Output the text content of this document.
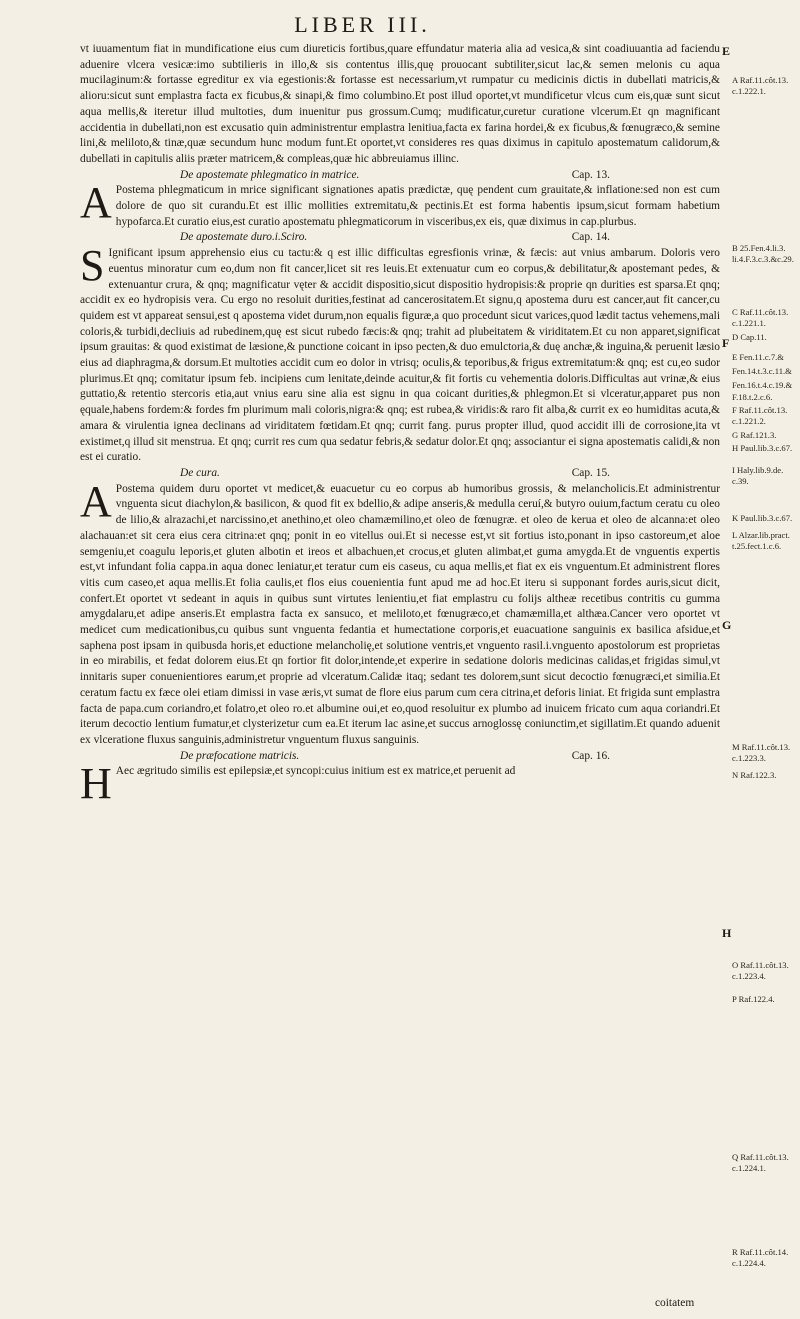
LIBER III.

vt iuuamentum fiat in mundificatione eius cum diureticis fortibus,quare effundatur materia alia ad vesica,& sint coadiuuantia ad faciendu aduenire vlcera vesicæ:imo subtilieris in illo,& sis contentus illis,quę prouocant subtiliter,sicut lac,& semen melonis cu aqua mucilaginum:& fortasse egreditur ex via egestionis:& fortasse est necessarium,vt rumpatur cu medicinis dictis in dubellati matricis,& alioru:sicut sunt emplastra facta ex ficubus,& sinapi,& fimo columbino.Et post illud oportet,vt mundificetur vlcus cum eis,quæ sunt sicut aqua mellis,& iteretur illud multoties, dum inuenitur pus grossum.Cumq; mudificatur,curetur curatione vlcerum.Et qn magnificant accidentia in dubellati,non est excusatio quin administrentur emplastra lenitiua,facta ex farina hordei,& ex ficubus,& fœnugræco,& semine lini,& meliloto,& tinæ,quæ secundum hunc modum funt.Et oportet,vt consideres res quas diximus in capitulo apostematum calidorum,& dubellati in capitulis aliis præter matricem,& compleas,quæ hic abbreuiamus illinc.

De apostemate phlegmatico in matrice.	Cap. 13.

A Postema phlegmaticum in mrice significant signationes apatis prædictæ, quę pendent cum grauitate,& inflatione:sed non est cum dolore de quo sit curandu.Et est illic mollities extremitatu,& pectinis.Et est forma habentis ipsum,sicut formam habetium hypofarca.Et curatio eius,est curatio apostematu phlegmaticorum in visceribus,ex eis, quæ diximus in cap.plurbus.

De apostemate duro.i.Sciro.	Cap. 14.

S Ignificant ipsum apprehensio eius cu tactu:& q est illic difficultas egresfionis vrinæ, & fæcis: aut vnius ambarum. Doloris vero euentus minoratur cum eo,dum non fit cancer,licet sit res leuis.Et extenuatur cum eo corpus,& debilitatur,& apostemant pedes, & extenuantur crura, & qnq; magnificatur vęter & accidit dispositio,sicut dispositio hydropisis:& proprie qn durities est sparsa.Et qnq; accidit ex eo hydropisis vera. Cu ergo no resoluit durities,festinat ad cancerositatem.Et signu,q apostema duru est cancer,aut fit cancer,cu quidem est vt appareat sensui,est q apostema videt durum,non equalis figuræ,a quo procedunt sicut varices,quod lædit tactus vehemens,mali coloris,& turbidi,decliuis ad rubedinem,quę est sicut rubedo fæcis:& qnq; trahit ad plubeitatem & viriditatem.Et cu non apparet,significat ipsum grauitas: & quod existimat de læsione,& punctione coicant in ipso pecten,& duo emulctoria,& duę anchæ,& inguina,& peruenit læsio eius ad diaphragma,& dorsum.Et multoties accidit cum eo dolor in vtrisq; oculis,& teporibus,& frigus extremitatum:& qnq; est cu,eo sudor plurimus.Et qnq; comitatur ipsum feb. incipiens cum lenitate,deinde acuitur,& fit fortis cu vehementia doloris.Difficultas aut vrinæ,& eius guttatio,& retentio stercoris etia,aut vnius earu sine alia est signu in qua coicant durities,& phlegmon.Et si vlceratur,apparet pus non ęquale,habens fordem:& fordes fm plurimum mali coloris,nigra:& qnq; est rubea,& viridis:& raro fit alba,& currit ex eo humiditas acuta,& amara & virulentia ignea declinans ad viriditatem fœtidam.Et qnq; currit fang. purus propter illud, quod accidit illi de corrosione,ita vt existimet,q illud sit menstrua. Et qnq; currit res cum qua sedatur febris,& sedatur dolor.Et qnq; associantur ei signa apostematis calidi,& non est ei curatio.

De cura.	Cap. 15.

A Postema quidem duru oportet vt medicet,& euacuetur cu eo corpus ab humoribus grossis, & melancholicis.Et administrentur vnguenta sicut diachylon,& basilicon, & quod fit ex bdellio,& adipe anseris,& medulla ceruí,& butyro ouium,factum ceratu cu oleo de lilio,& alrazachi,et narcissino,et anethino,et oleo chamæmilino,et oleo de fœnugræ. et oleo de kerua et oleo de alcanna:et oleo alachauan:et sit cera eius cera citrina:et qnq; ponit in eo vitellus oui.Et si necesse est,vt sit fortius isto,ponant in ipso castoreum,et aloe semgeniu,et coagulu leporis,et gluten albotin et ireos et albachuen,et crocus,et gluten alimbat,et guma amygda.Et de vnguentis expertis est,vt infundant folia cappa.in aqua donec leniatur,et teratur cum eis caseus, cu aqua mellis,et fiat ex eis vnguentum.Et administrent flores vitis cum caseo,et aqua mellis.Et folia caulis,et flos eius couenientia funt apud me ad hoc.Et iteru si supponant fordes auris,sicut dicit, confert.Et oportet vt sedeant in aquis in quibus sunt virtutes lenientiu,et fiat emplastru cu folijs altheæ recetibus contritis cu gumma amygdalaru,et adipe anseris.Et emplastra facta ex sansuco, et meliloto,et fœnugræco,et chamæmilla,et althæa.Cancer vero oportet vt medicet cum medicationibus,cu quibus sunt vnguenta fedantia et humectatione corporis,et euacuatione sanguinis ex basilica afsidue,et saphena post ipsam in quibusda horis,et eductione melancholię,et solutione ventris,et vnguento rasil.i.vnguento apostolorum est proprietas in eo mirabilis, et fedat dolorem eius.Et qn fortior fit dolor,intende,et experire in sedatione doloris medicinas calidas,et frigidas simul,vt innitaris super conuenientiores earum,et proprie ad vlceratum.Calidæ itaq; sedant tes dolorem,sunt sicut decoctio fœnugræci,et similia.Et ceratum factu ex fæce olei etiam dimissi in vase æris,vt sumat de flore eius parum cum cera citrina,et deforis liniat. Et frigida sunt emplastra facta de papa.cum coriandro,et folatro,et oleo ro.et albumine oui,et eo,quod resoluitur ex plumbo ad inuicem fricato cum aqua coriandri.Et iterum decoctio lentium fumatur,et clysterizetur cum ea.Et iterum lac asine,et succus arnoglossę coniunctim,et sigillatim.Et quando aduenit ex vlceratione fluxus sanguinis,administretur vnguentum fluxus sanguinis.

De præfocatione matricis.	Cap. 16.

H Aec ægritudo similis est epilepsiæ,et syncopi:cuius initium est ex matrice,et peruenit ad

E
F
G
H
A Raf.11.côt.13. c.1.222.1.
B 25.Fen.4.li.3. li.4.F.3.c.3.&c.29.
C Raf.11.côt.13. c.1.221.1.
D Cap.11.
E Fen.11.c.7.&
Fen.14.t.3.c.11.&
Fen.16.t.4.c.19.&
F.18.t.2.c.6.
F Raf.11.côt.13. c.1.221.2.
G Raf.121.3.
H Paul.lib.3.c.67.
I Haly.lib.9.de. c.39.
K Paul.lib.3.c.67.
L Alzar.lib.pract. t.25.fect.1.c.6.
M Raf.11.côt.13. c.1.223.3.
N Raf.122.3.
O Raf.11.côt.13. c.1.223.4.
P Raf.122.4.
Q Raf.11.côt.13. c.1.224.1.
R Raf.11.côt.14. c.1.224.4.
coitatem
